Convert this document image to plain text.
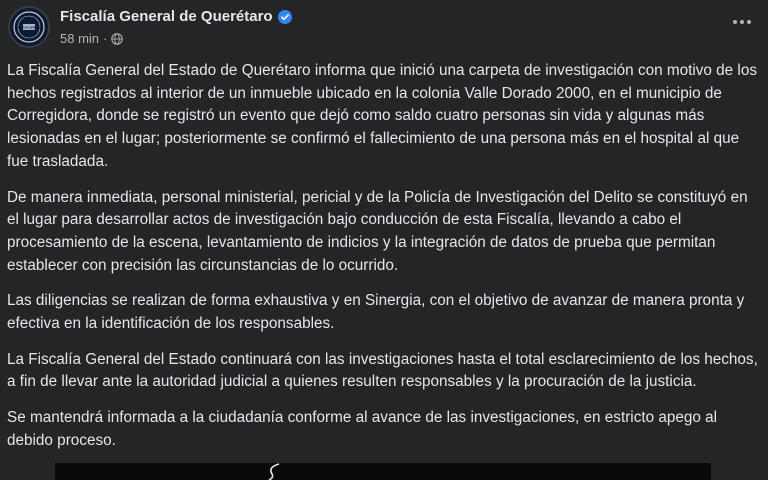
FISCALÍA GENERAL
Fiscalía General de Querétaro
58 min ·

La Fiscalía General del Estado de Querétaro informa que inició una carpeta de investigación con motivo de los hechos registrados al interior de un inmueble ubicado en la colonia Valle Dorado 2000, en el municipio de Corregidora, donde se registró un evento que dejó como saldo cuatro personas sin vida y algunas más lesionadas en el lugar; posteriormente se confirmó el fallecimiento de una persona más en el hospital al que fue trasladada.

De manera inmediata, personal ministerial, pericial y de la Policía de Investigación del Delito se constituyó en el lugar para desarrollar actos de investigación bajo conducción de esta Fiscalía, llevando a cabo el procesamiento de la escena, levantamiento de indicios y la integración de datos de prueba que permitan establecer con precisión las circunstancias de lo ocurrido.

Las diligencias se realizan de forma exhaustiva y en Sinergia, con el objetivo de avanzar de manera pronta y efectiva en la identificación de los responsables.

La Fiscalía General del Estado continuará con las investigaciones hasta el total esclarecimiento de los hechos, a fin de llevar ante la autoridad judicial a quienes resulten responsables y la procuración de la justicia.

Se mantendrá informada a la ciudadanía conforme al avance de las investigaciones, en estricto apego al debido proceso.
